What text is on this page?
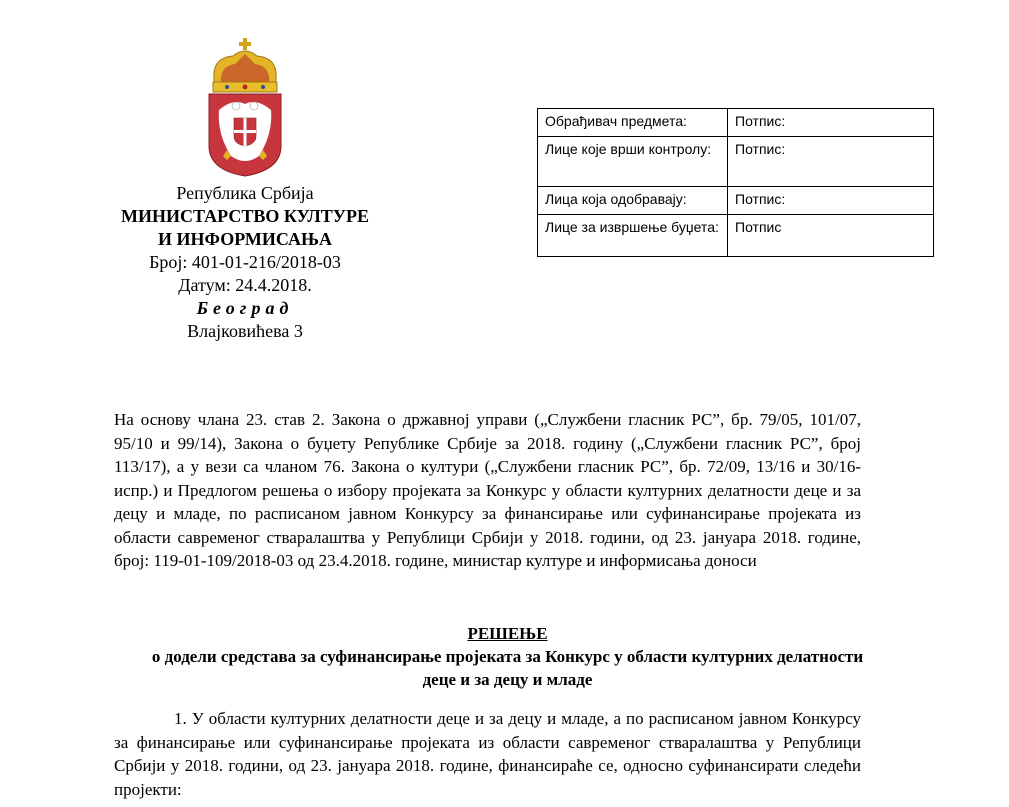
Република Србија
МИНИСТАРСТВО КУЛТУРЕ
И ИНФОРМИСАЊА
Број: 401-01-216/2018-03
Датум: 24.4.2018.
Београд
Влајковићева 3
Обрађивач предмета:	Потпис:
Лице које врши контролу:	Потпис:
Лица која одобравају:	Потпис:
Лице за извршење буџета:	Потпис
На основу члана 23. став 2. Закона о државној управи („Службени гласник РС”, бр. 79/05, 101/07, 95/10 и 99/14), Закона о буџету Републике Србије за 2018. годину („Службени гласник РС”, број 113/17), а у вези са чланом 76. Закона о култури („Службени гласник РС”, бр. 72/09, 13/16 и 30/16-испр.) и Предлогом решења о избору пројеката за Конкурс у области културних делатности деце и за децу и младе, по расписаном јавном Конкурсу за финансирање или суфинансирање пројеката из области савременог стваралаштва у Републици Србији у 2018. години, од 23. јануара 2018. године, број: 119-01-109/2018-03 од 23.4.2018. године, министар културе и информисања доноси
РЕШЕЊЕ
о додели средстава за суфинансирање пројеката за Конкурс у области културних делатности деце и за децу и младе
1. У области културних делатности деце и за децу и младе, а по расписаном јавном Конкурсу за финансирање или суфинансирање пројеката из области савременог стваралаштва у Републици Србији у 2018. години, од 23. јануара 2018. године, финансираће се, односно суфинансирати следећи пројекти:
